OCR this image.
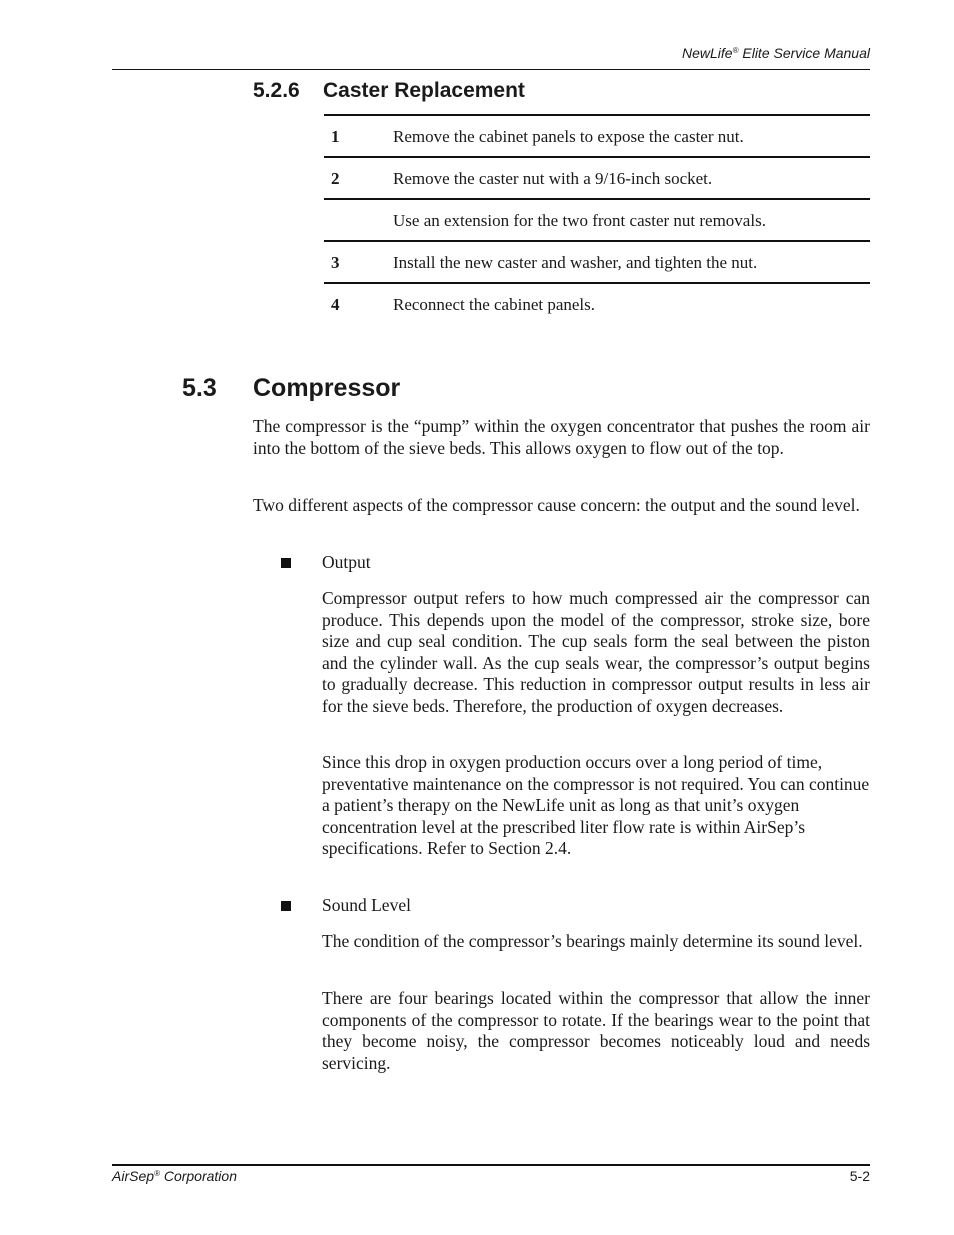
NewLife® Elite Service Manual
5.2.6 Caster Replacement
1	Remove the cabinet panels to expose the caster nut.
2	Remove the caster nut with a 9/16-inch socket.
Use an extension for the two front caster nut removals.
3	Install the new caster and washer, and tighten the nut.
4	Reconnect the cabinet panels.
5.3 Compressor

The compressor is the “pump” within the oxygen concentrator that pushes the room air into the bottom of the sieve beds. This allows oxygen to flow out of the top.

Two different aspects of the compressor cause concern: the output and the sound level.

Output

Compressor output refers to how much compressed air the compressor can produce. This depends upon the model of the compressor, stroke size, bore size and cup seal condition. The cup seals form the seal between the piston and the cylinder wall. As the cup seals wear, the compressor’s output begins to gradually decrease. This reduction in compressor output results in less air for the sieve beds. Therefore, the production of oxygen decreases.

Since this drop in oxygen production occurs over a long period of time, preventative maintenance on the compressor is not required. You can continue a patient’s therapy on the NewLife unit as long as that unit’s oxygen concentration level at the prescribed liter flow rate is within AirSep’s specifications. Refer to Section 2.4.

Sound Level

The condition of the compressor’s bearings mainly determine its sound level.

There are four bearings located within the compressor that allow the inner components of the compressor to rotate. If the bearings wear to the point that they become noisy, the compressor becomes noticeably loud and needs servicing.

AirSep® Corporation	5-2
